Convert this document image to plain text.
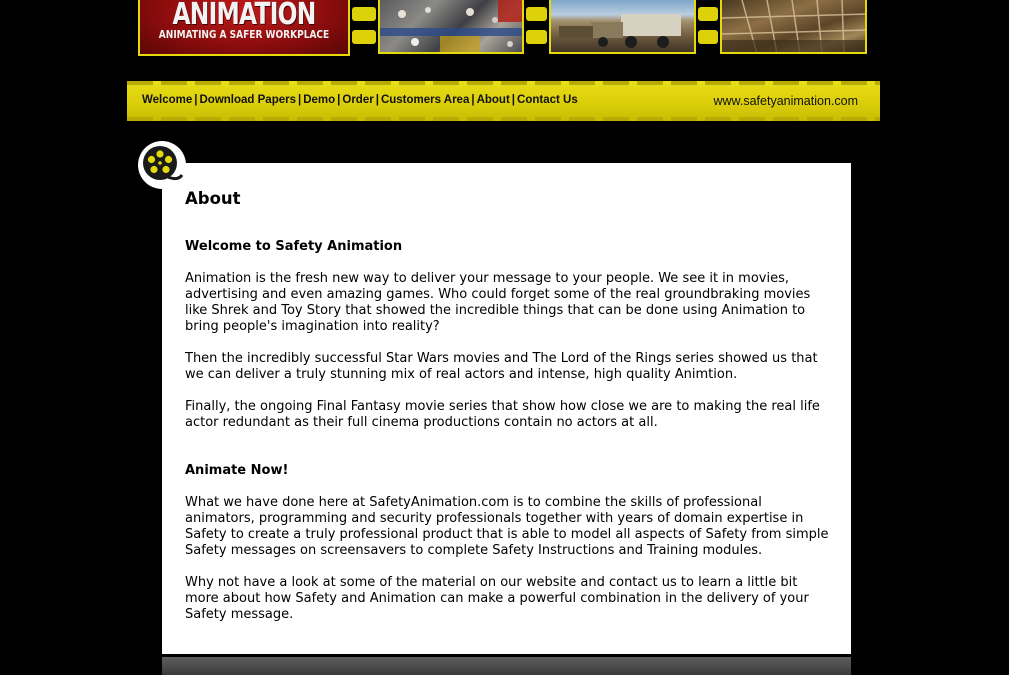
ANIMATION
ANIMATING A SAFER WORKPLACE
Welcome | Download Papers | Demo | Order | Customers Area | About | Contact Us	www.safetyanimation.com
About
Welcome to Safety Animation

Animation is the fresh new way to deliver your message to your people. We see it in movies, advertising and even amazing games. Who could forget some of the real groundbraking movies like Shrek and Toy Story that showed the incredible things that can be done using Animation to bring people's imagination into reality?

Then the incredibly successful Star Wars movies and The Lord of the Rings series showed us that we can deliver a truly stunning mix of real actors and intense, high quality Animtion.

Finally, the ongoing Final Fantasy movie series that show how close we are to making the real life actor redundant as their full cinema productions contain no actors at all.

Animate Now!

What we have done here at SafetyAnimation.com is to combine the skills of professional animators, programming and security professionals together with years of domain expertise in Safety to create a truly professional product that is able to model all aspects of Safety from simple Safety messages on screensavers to complete Safety Instructions and Training modules.

Why not have a look at some of the material on our website and contact us to learn a little bit more about how Safety and Animation can make a powerful combination in the delivery of your Safety message.
